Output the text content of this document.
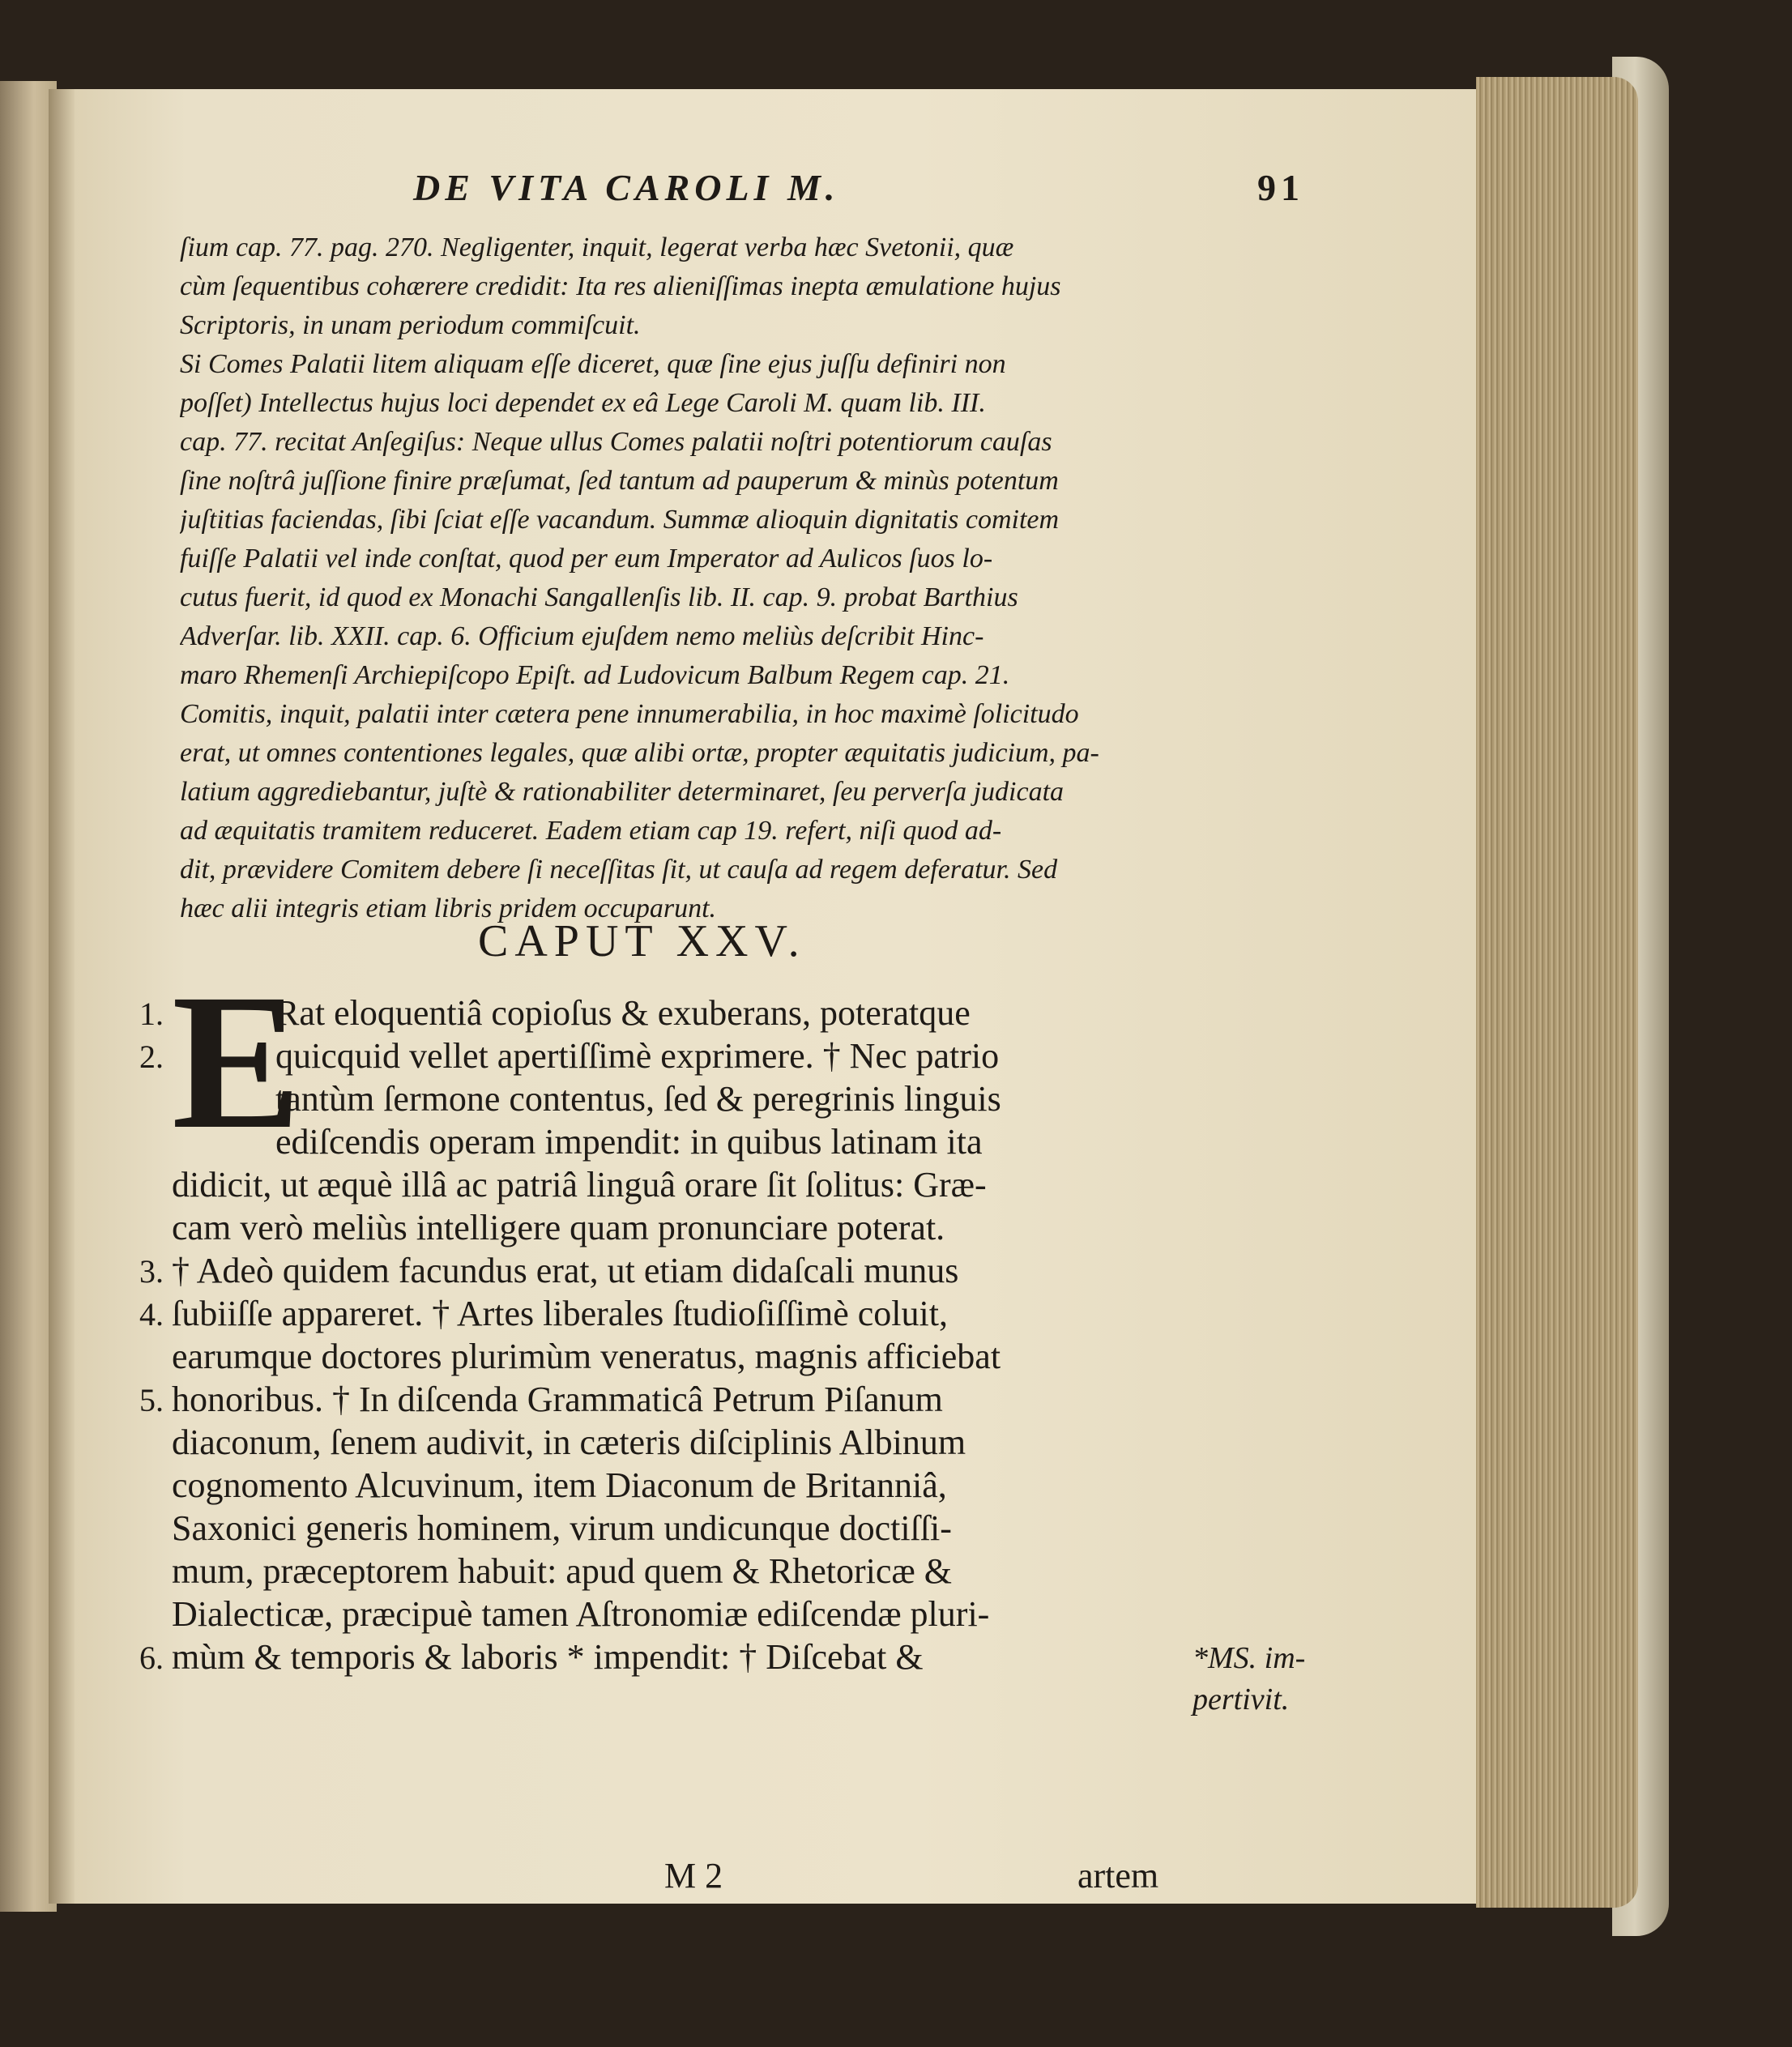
DE VITA CAROLI M.	91
ſium cap. 77. pag. 270. Negligenter, inquit, legerat verba hæc Svetonii, quæ
cùm ſequentibus cohærere credidit: Ita res alieniſſimas inepta æmulatione hujus
Scriptoris, in unam periodum commiſcuit.
Si Comes Palatii litem aliquam eſſe diceret, quæ ſine ejus juſſu definiri non
poſſet) Intellectus hujus loci dependet ex eâ Lege Caroli M. quam lib. III.
cap. 77. recitat Anſegiſus: Neque ullus Comes palatii noſtri potentiorum cauſas
ſine noſtrâ juſſione finire præſumat, ſed tantum ad pauperum & minùs potentum
juſtitias faciendas, ſibi ſciat eſſe vacandum. Summæ alioquin dignitatis comitem
fuiſſe Palatii vel inde conſtat, quod per eum Imperator ad Aulicos ſuos lo-
cutus fuerit, id quod ex Monachi Sangallenſis lib. II. cap. 9. probat Barthius
Adverſar. lib. XXII. cap. 6. Officium ejuſdem nemo meliùs deſcribit Hinc-
maro Rhemenſi Archiepiſcopo Epiſt. ad Ludovicum Balbum Regem cap. 21.
Comitis, inquit, palatii inter cætera pene innumerabilia, in hoc maximè ſolicitudo
erat, ut omnes contentiones legales, quæ alibi ortæ, propter æquitatis judicium, pa-
latium aggrediebantur, juſtè & rationabiliter determinaret, ſeu perverſa judicata
ad æquitatis tramitem reduceret. Eadem etiam cap 19. refert, niſi quod ad-
dit, prævidere Comitem debere ſi neceſſitas ſit, ut cauſa ad regem deferatur. Sed
hæc alii integris etiam libris pridem occuparunt.
CAPUT XXV.
E
Rat eloquentiâ copioſus & exuberans, poteratque
quicquid vellet apertiſſimè exprimere. † Nec patrio
tantùm ſermone contentus, ſed & peregrinis linguis
ediſcendis operam impendit: in quibus latinam ita
didicit, ut æquè illâ ac patriâ linguâ orare ſit ſolitus: Græ-
cam verò meliùs intelligere quam pronunciare poterat.
† Adeò quidem facundus erat, ut etiam didaſcali munus
ſubiiſſe appareret. † Artes liberales ſtudioſiſſimè coluit,
earumque doctores plurimùm veneratus, magnis afficiebat
honoribus. † In diſcenda Grammaticâ Petrum Piſanum
diaconum, ſenem audivit, in cæteris diſciplinis Albinum
cognomento Alcuvinum, item Diaconum de Britanniâ,
Saxonici generis hominem, virum undicunque doctiſſi-
mum, præceptorem habuit: apud quem & Rhetoricæ &
Dialecticæ, præcipuè tamen Aſtronomiæ ediſcendæ pluri-
mùm & temporis & laboris * impendit: † Diſcebat &
1.
2.
3.
4.
5.
6.	*MS. im-
pertivit.
M 2	artem
